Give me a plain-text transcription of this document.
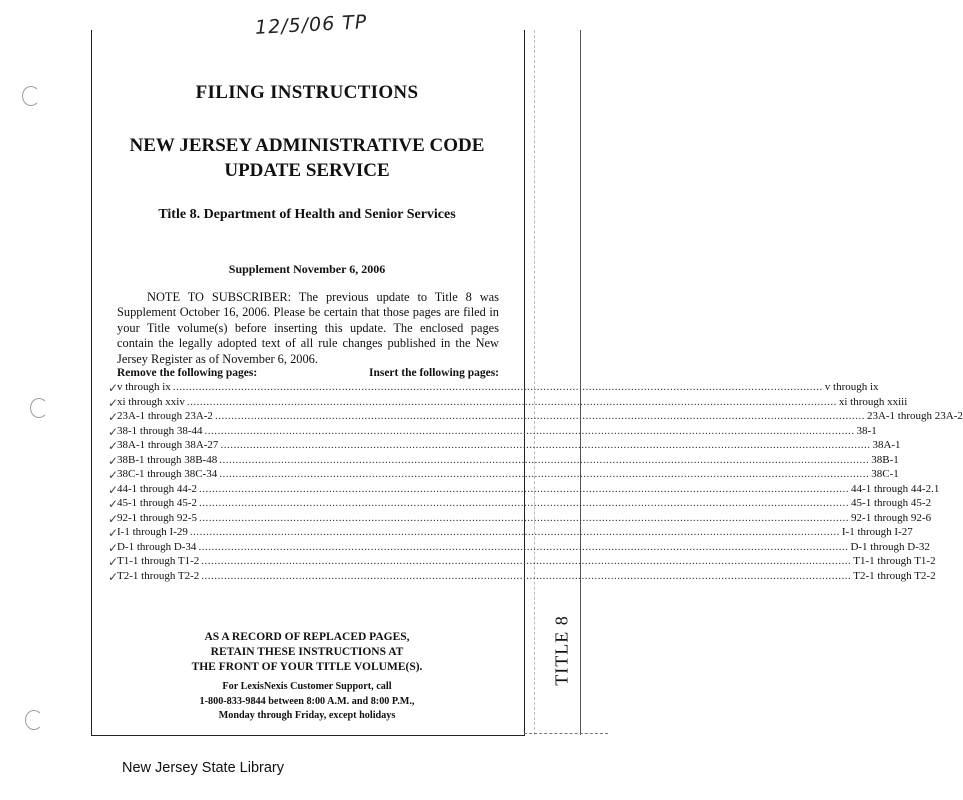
12/5/06 TP
TITLE 8
FILING INSTRUCTIONS
NEW JERSEY ADMINISTRATIVE CODE
UPDATE SERVICE
Title 8. Department of Health and Senior Services
Supplement November 6, 2006
NOTE TO SUBSCRIBER: The previous update to Title 8 was Supplement October 16, 2006. Please be certain that those pages are filed in your Title volume(s) before inserting this update. The enclosed pages contain the legally adopted text of all rule changes published in the New Jersey Register as of November 6, 2006.
Remove the following pages:	Insert the following pages:
v through ix ........................................................................................................................................................................................................ v through ix
xi through xxiv ........................................................................................................................................................................................................ xi through xxiii
23A-1 through 23A-2 ........................................................................................................................................................................................................ 23A-1 through 23A-2
38-1 through 38-44 ........................................................................................................................................................................................................ 38-1
38A-1 through 38A-27 ........................................................................................................................................................................................................ 38A-1
38B-1 through 38B-48 ........................................................................................................................................................................................................ 38B-1
38C-1 through 38C-34 ........................................................................................................................................................................................................ 38C-1
44-1 through 44-2 ........................................................................................................................................................................................................ 44-1 through 44-2.1
45-1 through 45-2 ........................................................................................................................................................................................................ 45-1 through 45-2
92-1 through 92-5 ........................................................................................................................................................................................................ 92-1 through 92-6
I-1 through I-29 ........................................................................................................................................................................................................ I-1 through I-27
D-1 through D-34 ........................................................................................................................................................................................................ D-1 through D-32
T1-1 through T1-2 ........................................................................................................................................................................................................ T1-1 through T1-2
T2-1 through T2-2 ........................................................................................................................................................................................................ T2-1 through T2-2
AS A RECORD OF REPLACED PAGES,
RETAIN THESE INSTRUCTIONS AT
THE FRONT OF YOUR TITLE VOLUME(S).
For LexisNexis Customer Support, call
1-800-833-9844 between 8:00 A.M. and 8:00 P.M.,
Monday through Friday, except holidays
New Jersey State Library
✓
✓
✓
✓
✓
✓
✓
✓
✓
✓
✓
✓
✓
✓
